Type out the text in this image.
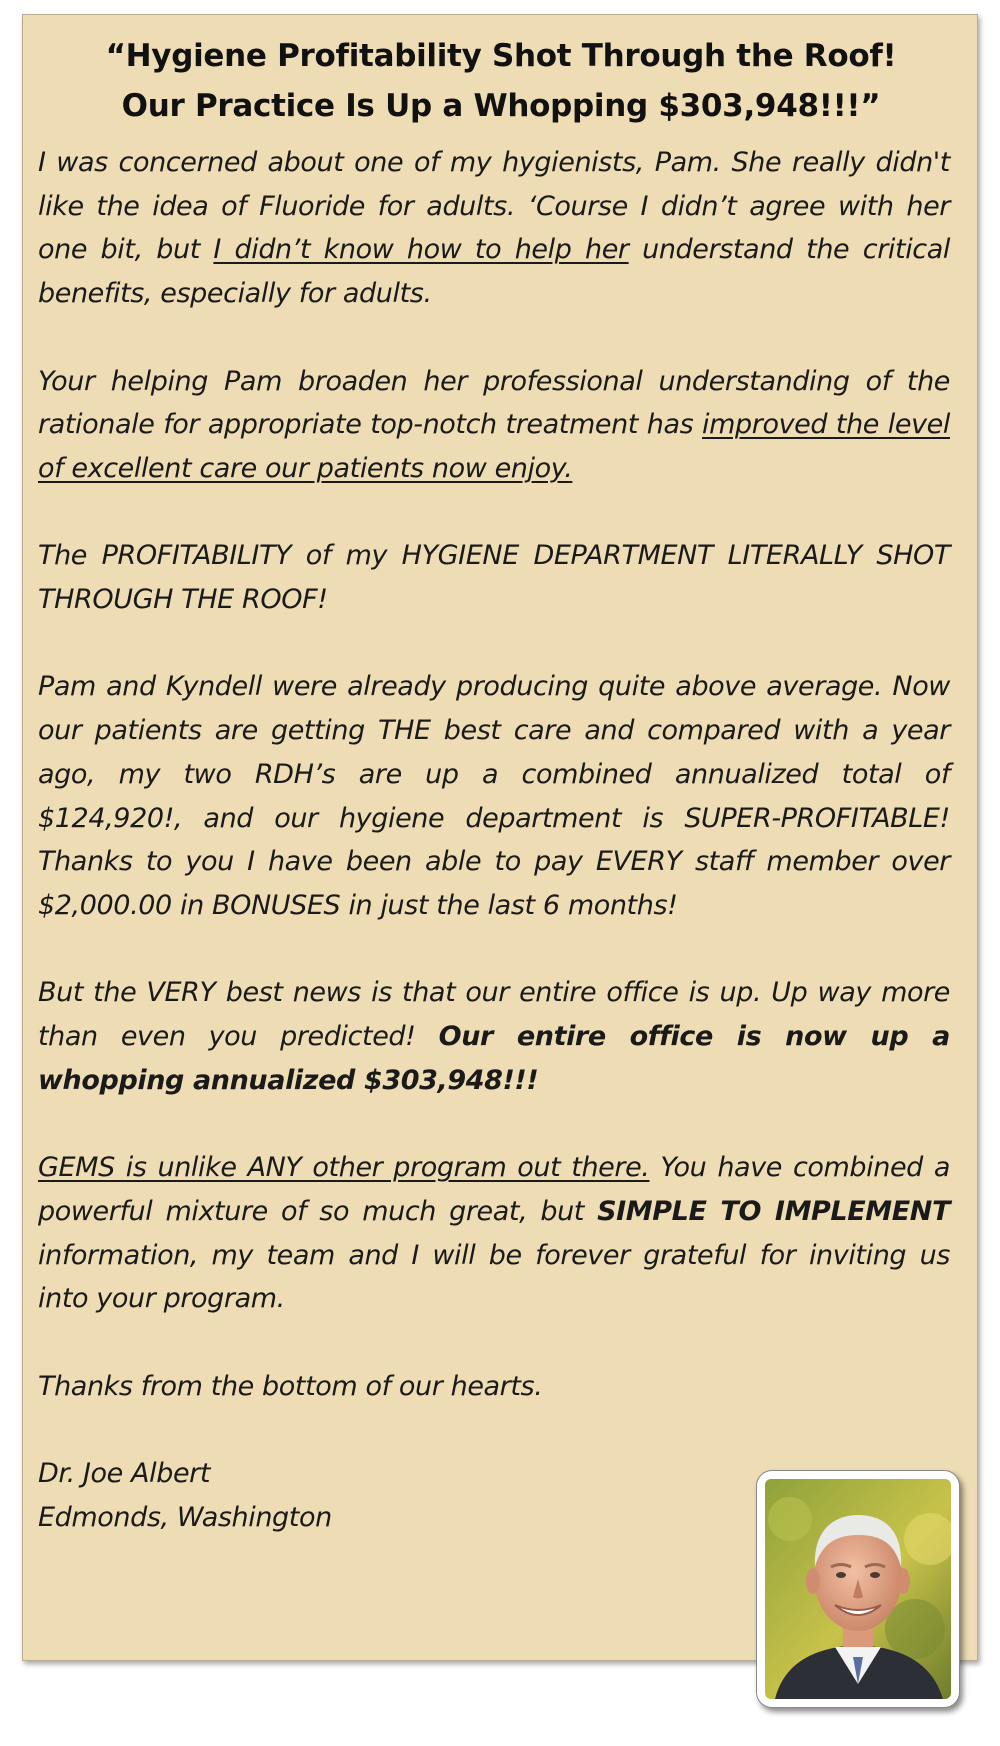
“Hygiene Profitability Shot Through the Roof!
Our Practice Is Up a Whopping $303,948!!!”

I was concerned about one of my hygienists, Pam. She really didn't like the idea of Fluoride for adults. ‘Course I didn’t agree with her one bit, but I didn’t know how to help her understand the critical benefits, especially for adults.

Your helping Pam broaden her professional understanding of the rationale for appropriate top-notch treatment has improved the level of excellent care our patients now enjoy.

The PROFITABILITY of my HYGIENE DEPARTMENT LITERALLY SHOT THROUGH THE ROOF!

Pam and Kyndell were already producing quite above average. Now our patients are getting THE best care and compared with a year ago, my two RDH’s are up a combined annualized total of $124,920!, and our hygiene department is SUPER-PROFITABLE! Thanks to you I have been able to pay EVERY staff member over $2,000.00 in BONUSES in just the last 6 months!

But the VERY best news is that our entire office is up. Up way more than even you predicted! Our entire office is now up a whopping annualized $303,948!!!

GEMS is unlike ANY other program out there. You have combined a powerful mixture of so much great, but SIMPLE TO IMPLEMENT information, my team and I will be forever grateful for inviting us into your program.

Thanks from the bottom of our hearts.

Dr. Joe Albert
Edmonds, Washington
